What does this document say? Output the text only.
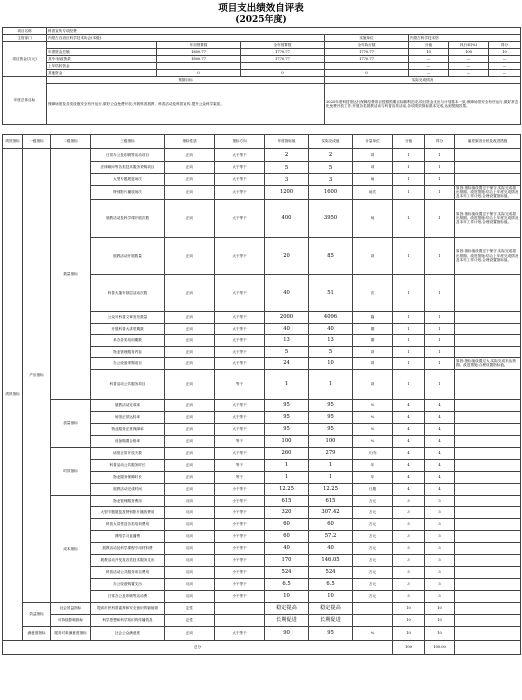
项目支出绩效自评表
(2025年度)
项目名称	科普宣传专项经费						
主管部门	内蒙古自治区科学技术协会(本级)			实施单位	内蒙古科学技术馆		
项目资金(万元)		年初预算数	全年预算数	全年执行数	分值	执行率(%)	得分
	年度资金总额	1800.77	1770.77	1770.77	10	100	10
	其中:财政拨款	1800.77	1770.77	1770.77	—	—	—
	上年结转资金				—	—	—
	其他资金	0	0	0	—	—	—
年度总体目标	预期目标			实际完成情况			
	保障场馆及各类设施安全有序运行,做好公众免费开放,开展科普展教、科普活动及科普宣传,提升公众科学素质。			2025年度科技馆运行保障经费项目按照预期目标顺利完成,项目资金支出与计划基本一致,保障场馆安全有序运行,做好常态化免费开放工作,开展各类展教活动与科普宣传活动,各项绩效指标基本完成,达到预期效果。			
绩效指标	一级指标	二级指标	三级指标	指标性质	指标方向	年度指标值	实际完成值	计量单位	分值	得分	偏差原因分析及改进措施
绩效指标	产出指标	数量指标	日常办公及印刷等活动项目	正向	大于等于	2	2	项	1	1	
			法律顾问等各类技术服务采购项目	正向	大于等于	5	5	项	1	1	
			大型专题展览场次	正向	大于等于	3	3	场	1	1	
			特别影片播放场次	正向	大于等于	1200	1600	场次	1	1	原因:指标值设置过于保守,实际完成超出预期。改进措施:结合上年度完成情况及本年工作计划,合理设置指标值。
			展教活动及科学课开展次数	正向	大于等于	400	3950	场	1	1	原因:指标值设置过于保守,实际完成超出预期。改进措施:结合上年度完成情况及本年工作计划,合理设置指标值。
			展教活动开展数量	正向	大于等于	20	85	项	1	1	原因:指标值设置过于保守,实际完成超出预期。改进措施:结合上年度完成情况及本年工作计划,合理设置指标值。
			科普大篷车基层活动次数	正向	大于等于	40	51	次	1	1	
			公众号科普文章发布数量	正向	大于等于	2000	4096	篇	1	1	
			开展科普大讲堂期数	正向	大于等于	40	40	期	1	1	
			举办各类培训期数	正向	大于等于	13	13	期	1	1	
			物业管理服务内容	正向	大于等于	5	5	项	1	1	
			办公设备采购项目	正向	大于等于	24	10	项	1	1	原因:指标值设置过大,实际完成未达预期。改进措施:合理设置指标值。
			科普活动公共服务项目	正向	等于	1	1	项	1	1	
		质量指标	展教活动完成率	正向	大于等于	95	95	%	4	4	
			场馆正常运转率	正向	大于等于	95	95	%	4	4	
			物业服务正常保障率	正向	大于等于	95	95	%	4	4	
			设备购置合格率	正向	等于	100	100	%	4	4	
		时效指标	场馆正常开放天数	正向	大于等于	260	279	天/年	4	4	
			科普活动公共服务时长	正向	等于	1	1	年	4	4	
			物业服务保障时长	正向	等于	1	1	年	4	4	
			展教活动完成时间	正向	小于等于	12.25	12.25	日期	4	4	
		成本指标	物业管理服务费用	反向	小于等于	615	615	万元	3	3	
			大型专题展览及特别影片播放费用	反向	小于等于	320	307.42	万元	3	3	
			科普大讲堂及各类培训费用	反向	小于等于	60	60	万元	3	3	
			网络学习直播费	反向	小于等于	60	57.2	万元	3	3	
			展教活动及科学课程专用材料费	反向	小于等于	40	40	万元	3	3	
			展教活动开发及各类技术服务支出	反向	小于等于	170	146.05	万元	3	3	
			科普活动公共服务项目费用	反向	小于等于	524	524	万元	3	3	
			办公设备购置支出	反向	小于等于	6.5	6.5	万元	3	3	
			日常办公及印刷等活动费	反向	小于等于	10	10	万元	3	3	
	效益指标	社会效益指标	提高市民科普素养和安全意识的辐射面	定性		稳定提高	稳定提高		10	10	
		可持续影响指标	科学思想和科学知识的传播普及	定性		长期促进	长期促进		10	10	
	满意度指标	服务对象满意度指标	社会公众满意度	正向	大于等于	90	95	%	10	10	
总分									100	100.00	
